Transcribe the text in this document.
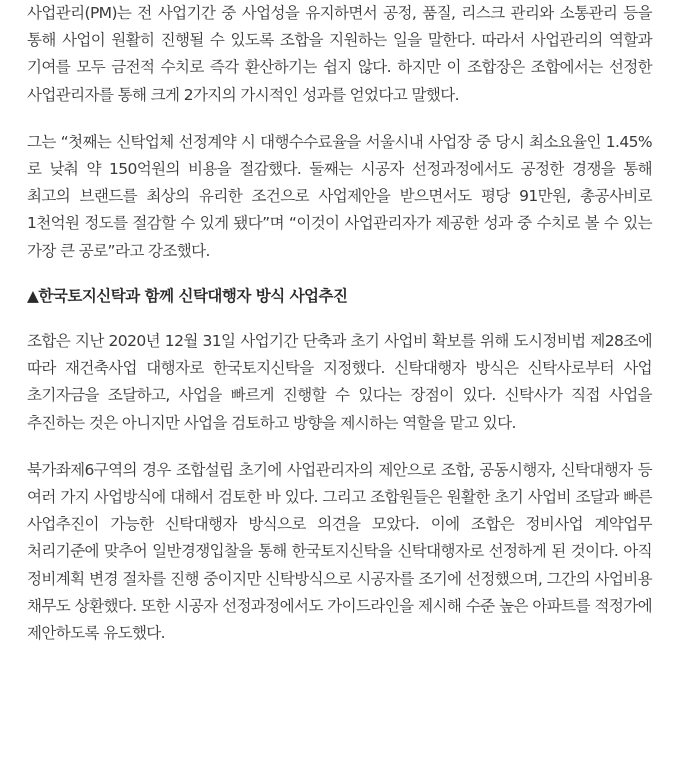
사업관리(PM)는 전 사업기간 중 사업성을 유지하면서 공정, 품질, 리스크 관리와 소통관리 등을 통해 사업이 원활히 진행될 수 있도록 조합을 지원하는 일을 말한다. 따라서 사업관리의 역할과 기여를 모두 금전적 수치로 즉각 환산하기는 쉽지 않다. 하지만 이 조합장은 조합에서는 선정한 사업관리자를 통해 크게 2가지의 가시적인 성과를 얻었다고 말했다.

그는 “첫째는 신탁업체 선정계약 시 대행수수료율을 서울시내 사업장 중 당시 최소요율인 1.45%로 낮춰 약 150억원의 비용을 절감했다. 둘째는 시공자 선정과정에서도 공정한 경쟁을 통해 최고의 브랜드를 최상의 유리한 조건으로 사업제안을 받으면서도 평당 91만원, 총공사비로 1천억원 정도를 절감할 수 있게 됐다”며 “이것이 사업관리자가 제공한 성과 중 수치로 볼 수 있는 가장 큰 공로”라고 강조했다.

▲한국토지신탁과 함께 신탁대행자 방식 사업추진

조합은 지난 2020년 12월 31일 사업기간 단축과 초기 사업비 확보를 위해 도시정비법 제28조에 따라 재건축사업 대행자로 한국토지신탁을 지정했다. 신탁대행자 방식은 신탁사로부터 사업 초기자금을 조달하고, 사업을 빠르게 진행할 수 있다는 장점이 있다. 신탁사가 직접 사업을 추진하는 것은 아니지만 사업을 검토하고 방향을 제시하는 역할을 맡고 있다.

북가좌제6구역의 경우 조합설립 초기에 사업관리자의 제안으로 조합, 공동시행자, 신탁대행자 등 여러 가지 사업방식에 대해서 검토한 바 있다. 그리고 조합원들은 원활한 초기 사업비 조달과 빠른 사업추진이 가능한 신탁대행자 방식으로 의견을 모았다. 이에 조합은 정비사업 계약업무 처리기준에 맞추어 일반경쟁입찰을 통해 한국토지신탁을 신탁대행자로 선정하게 된 것이다. 아직 정비계획 변경 절차를 진행 중이지만 신탁방식으로 시공자를 조기에 선정했으며, 그간의 사업비용 채무도 상환했다. 또한 시공자 선정과정에서도 가이드라인을 제시해 수준 높은 아파트를 적정가에 제안하도록 유도했다.
